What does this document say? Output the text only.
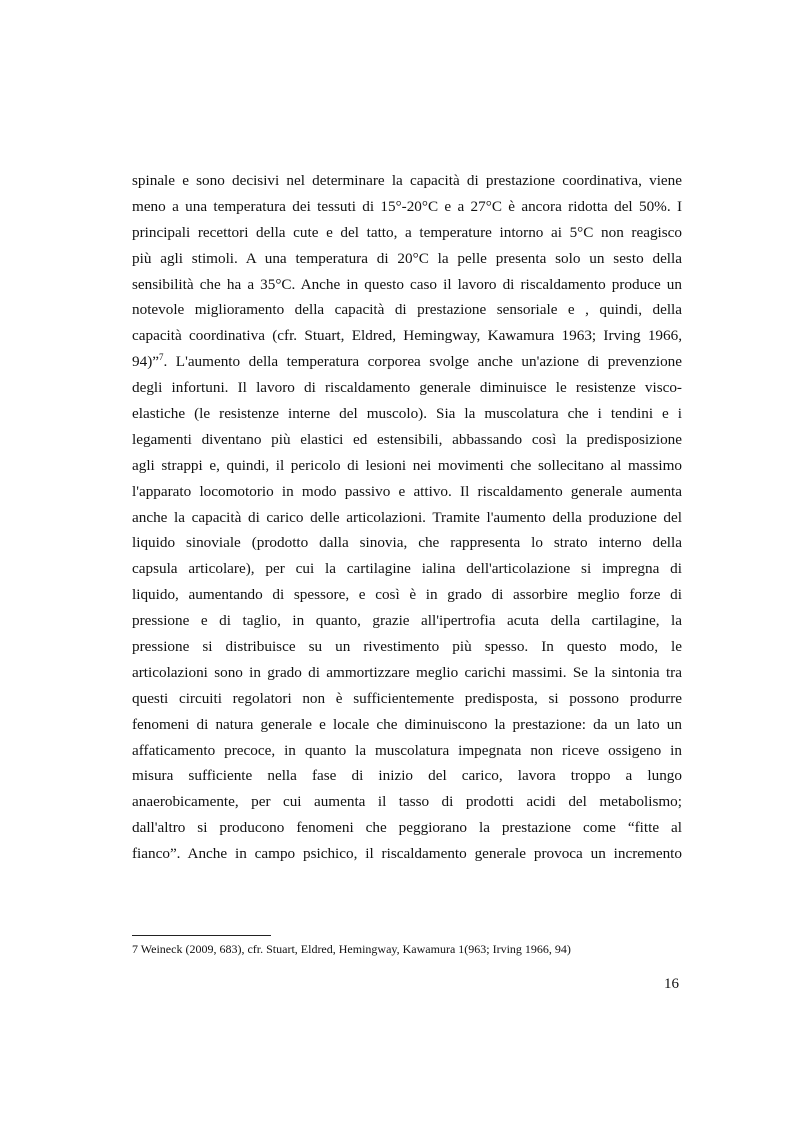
spinale e sono decisivi nel determinare la capacità di prestazione coordinativa, viene
meno a una temperatura dei tessuti di 15°-20°C e a 27°C è ancora ridotta del 50%. I
principali recettori della cute e del tatto, a temperature intorno ai 5°C non reagisco
più agli stimoli. A una temperatura di 20°C la pelle presenta solo un sesto della
sensibilità che ha a 35°C. Anche in questo caso il lavoro di riscaldamento produce un
notevole miglioramento della capacità di prestazione sensoriale e , quindi, della
capacità coordinativa (cfr. Stuart, Eldred, Hemingway, Kawamura 1963; Irving 1966,
94)”$^7$. L'aumento della temperatura corporea svolge anche un'azione di prevenzione
degli infortuni. Il lavoro di riscaldamento generale diminuisce le resistenze visco-
elastiche (le resistenze interne del muscolo). Sia la muscolatura che i tendini e i
legamenti diventano più elastici ed estensibili, abbassando così la predisposizione
agli strappi e, quindi, il pericolo di lesioni nei movimenti che sollecitano al massimo
l'apparato locomotorio in modo passivo e attivo. Il riscaldamento generale aumenta
anche la capacità di carico delle articolazioni. Tramite l'aumento della produzione del
liquido sinoviale (prodotto dalla sinovia, che rappresenta lo strato interno della
capsula articolare), per cui la cartilagine ialina dell'articolazione si impregna di
liquido, aumentando di spessore, e così è in grado di assorbire meglio forze di
pressione e di taglio, in quanto, grazie all'ipertrofia acuta della cartilagine, la
pressione si distribuisce su un rivestimento più spesso. In questo modo, le
articolazioni sono in grado di ammortizzare meglio carichi massimi. Se la sintonia tra
questi circuiti regolatori non è sufficientemente predisposta, si possono produrre
fenomeni di natura generale e locale che diminuiscono la prestazione: da un lato un
affaticamento precoce, in quanto la muscolatura impegnata non riceve ossigeno in
misura sufficiente nella fase di inizio del carico, lavora troppo a lungo
anaerobicamente, per cui aumenta il tasso di prodotti acidi del metabolismo;
dall'altro si producono fenomeni che peggiorano la prestazione come “fitte al
fianco”. Anche in campo psichico, il riscaldamento generale provoca un incremento
7 Weineck (2009, 683), cfr. Stuart, Eldred, Hemingway, Kawamura 1(963; Irving 1966, 94)
16
